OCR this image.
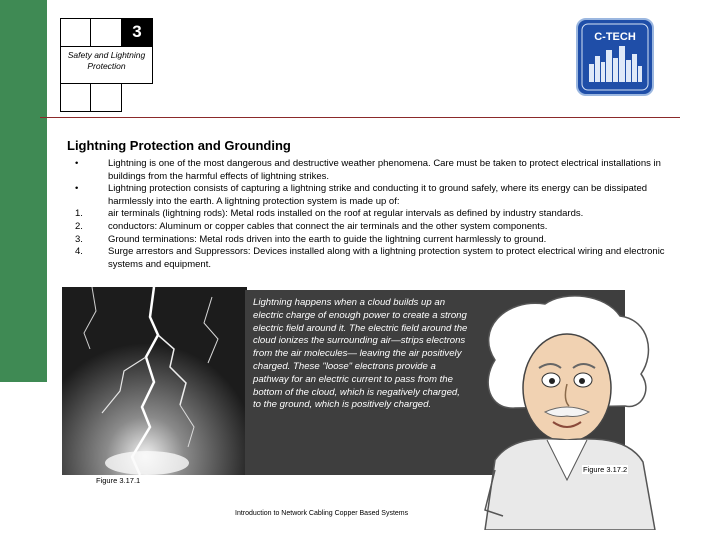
3
Safety and Lightning Protection
C-TECH
Lightning Protection and Grounding
•	Lightning is one of the most dangerous and destructive weather phenomena. Care must be taken to protect electrical installations in buildings from the harmful effects of lightning strikes.
•	Lightning protection consists of capturing a lightning strike and conducting it to ground safely, where its energy can be dissipated harmlessly into the earth. A lightning protection system is made up of:
1.	air terminals (lightning rods): Metal rods installed on the roof at regular intervals as defined by industry standards.
2.	conductors: Aluminum or copper cables that connect the air terminals and the other system components.
3.	Ground terminations: Metal rods driven into the earth to guide the lightning current harmlessly to ground.
4.	Surge arrestors and Suppressors: Devices installed along with a lightning protection system to protect electrical wiring and electronic systems and equipment.
Figure 3.17.1
Lightning happens when a cloud builds up an electric charge of enough power to create a strong electric field around it. The electric field around the cloud ionizes the surrounding air—strips electrons from the air molecules— leaving the air positively charged. These "loose" electrons provide a pathway for an electric current to pass from the bottom of the cloud, which is negatively charged, to the ground, which is positively charged.
Figure 3.17.2
Introduction to Network Cabling Copper Based Systems
